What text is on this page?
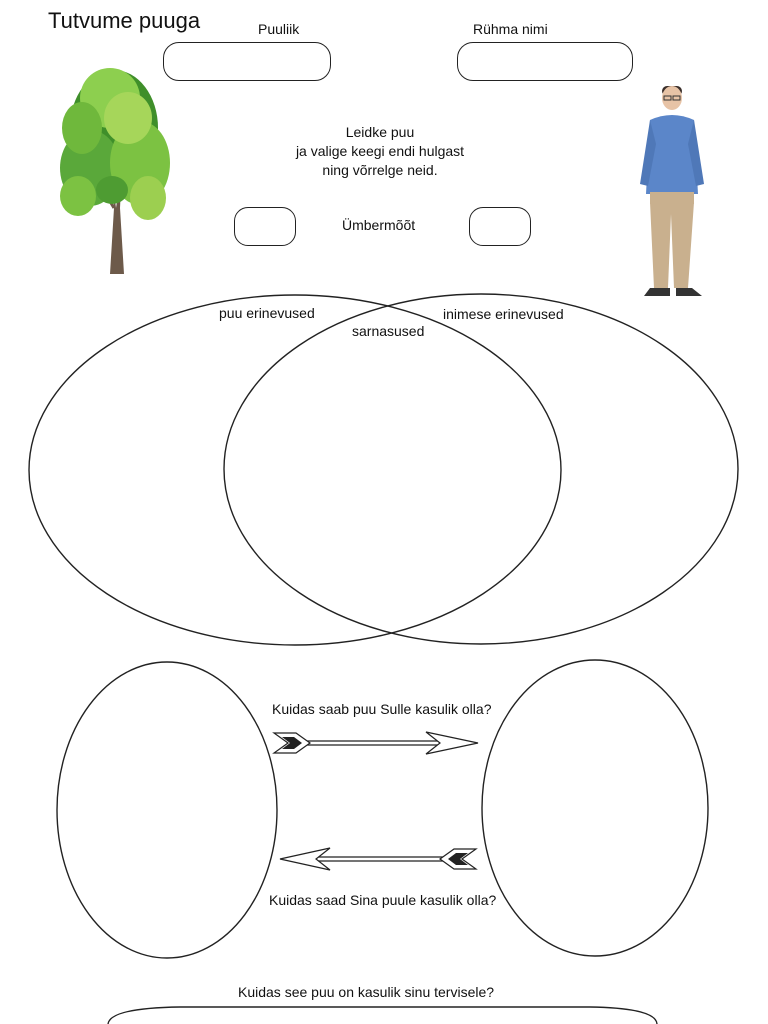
Tutvume puuga	Puuliik	Rühma nimi
Leidke puu
ja valige keegi endi hulgast
ning võrrelge neid.
Ümbermõõt
puu erinevused
sarnasused
inimese erinevused
Kuidas saab puu Sulle kasulik olla?
Kuidas saad Sina puule kasulik olla?
Kuidas see puu on kasulik sinu tervisele?
